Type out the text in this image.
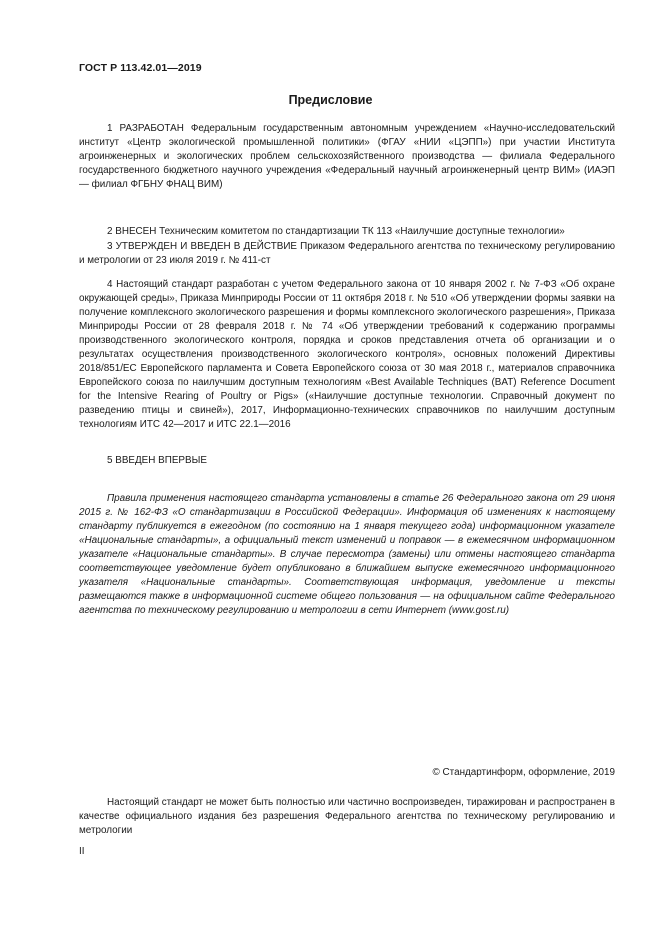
ГОСТ Р 113.42.01—2019
Предисловие

1 РАЗРАБОТАН Федеральным государственным автономным учреждением «Научно-исследовательский институт «Центр экологической промышленной политики» (ФГАУ «НИИ «ЦЭПП») при участии Института агроинженерных и экологических проблем сельскохозяйственного производства — филиала Федерального государственного бюджетного научного учреждения «Федеральный научный агроинженерный центр ВИМ» (ИАЭП — филиал ФГБНУ ФНАЦ ВИМ)

2 ВНЕСЕН Техническим комитетом по стандартизации ТК 113 «Наилучшие доступные технологии»

3 УТВЕРЖДЕН И ВВЕДЕН В ДЕЙСТВИЕ Приказом Федерального агентства по техническому регулированию и метрологии от 23 июля 2019 г. № 411-ст

4 Настоящий стандарт разработан с учетом Федерального закона от 10 января 2002 г. № 7-ФЗ «Об охране окружающей среды», Приказа Минприроды России от 11 октября 2018 г. № 510 «Об утверждении формы заявки на получение комплексного экологического разрешения и формы комплексного экологического разрешения», Приказа Минприроды России от 28 февраля 2018 г. № 74 «Об утверждении требований к содержанию программы производственного экологического контроля, порядка и сроков представления отчета об организации и о результатах осуществления производственного экологического контроля», основных положений Директивы 2018/851/ЕС Европейского парламента и Совета Европейского союза от 30 мая 2018 г., материалов справочника Европейского союза по наилучшим доступным технологиям «Best Available Techniques (BAT) Reference Document for the Intensive Rearing of Poultry or Pigs» («Наилучшие доступные технологии. Справочный документ по разведению птицы и свиней»), 2017, Информационно-технических справочников по наилучшим доступным технологиям ИТС 42—2017 и ИТС 22.1—2016

5 ВВЕДЕН ВПЕРВЫЕ

Правила применения настоящего стандарта установлены в статье 26 Федерального закона от 29 июня 2015 г. № 162-ФЗ «О стандартизации в Российской Федерации». Информация об изменениях к настоящему стандарту публикуется в ежегодном (по состоянию на 1 января текущего года) информационном указателе «Национальные стандарты», а официальный текст изменений и поправок — в ежемесячном информационном указателе «Национальные стандарты». В случае пересмотра (замены) или отмены настоящего стандарта соответствующее уведомление будет опубликовано в ближайшем выпуске ежемесячного информационного указателя «Национальные стандарты». Соответствующая информация, уведомление и тексты размещаются также в информационной системе общего пользования — на официальном сайте Федерального агентства по техническому регулированию и метрологии в сети Интернет (www.gost.ru)

© Стандартинформ, оформление, 2019

Настоящий стандарт не может быть полностью или частично воспроизведен, тиражирован и распространен в качестве официального издания без разрешения Федерального агентства по техническому регулированию и метрологии

II
